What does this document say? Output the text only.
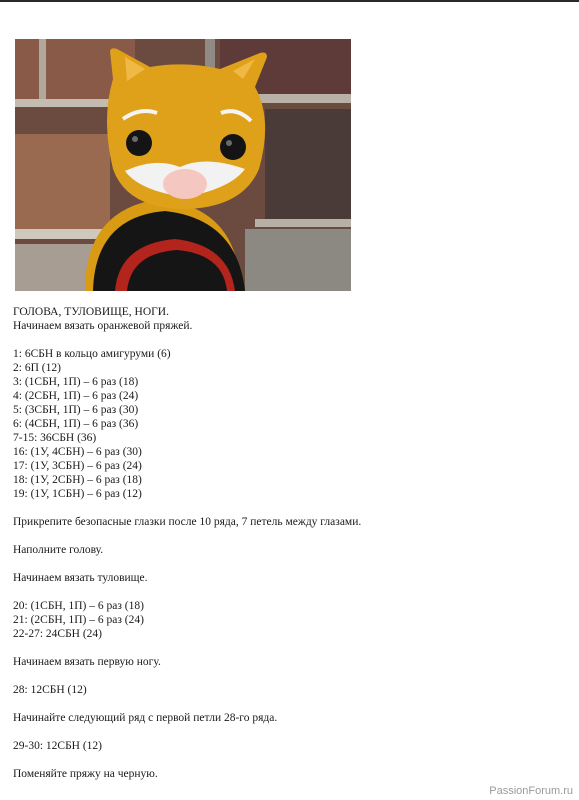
ГОЛОВА, ТУЛОВИЩЕ, НОГИ.
Начинаем вязать оранжевой пряжей.
1: 6СБН в кольцо амигуруми (6)
2: 6П (12)
3: (1СБН, 1П) – 6 раз (18)
4: (2СБН, 1П) – 6 раз (24)
5: (3СБН, 1П) – 6 раз (30)
6: (4СБН, 1П) – 6 раз (36)
7-15: 36СБН (36)
16: (1У, 4СБН) – 6 раз (30)
17: (1У, 3СБН) – 6 раз (24)
18: (1У, 2СБН) – 6 раз (18)
19: (1У, 1СБН) – 6 раз (12)
Прикрепите безопасные глазки после 10 ряда, 7 петель между глазами.
Наполните голову.
Начинаем вязать туловище.
20: (1СБН, 1П) – 6 раз (18)
21: (2СБН, 1П) – 6 раз (24)
22-27: 24СБН (24)
Начинаем вязать первую ногу.
28: 12СБН (12)
Начинайте следующий ряд с первой петли 28-го ряда.
29-30: 12СБН (12)
Поменяйте пряжу на черную.
PassionForum.ru
